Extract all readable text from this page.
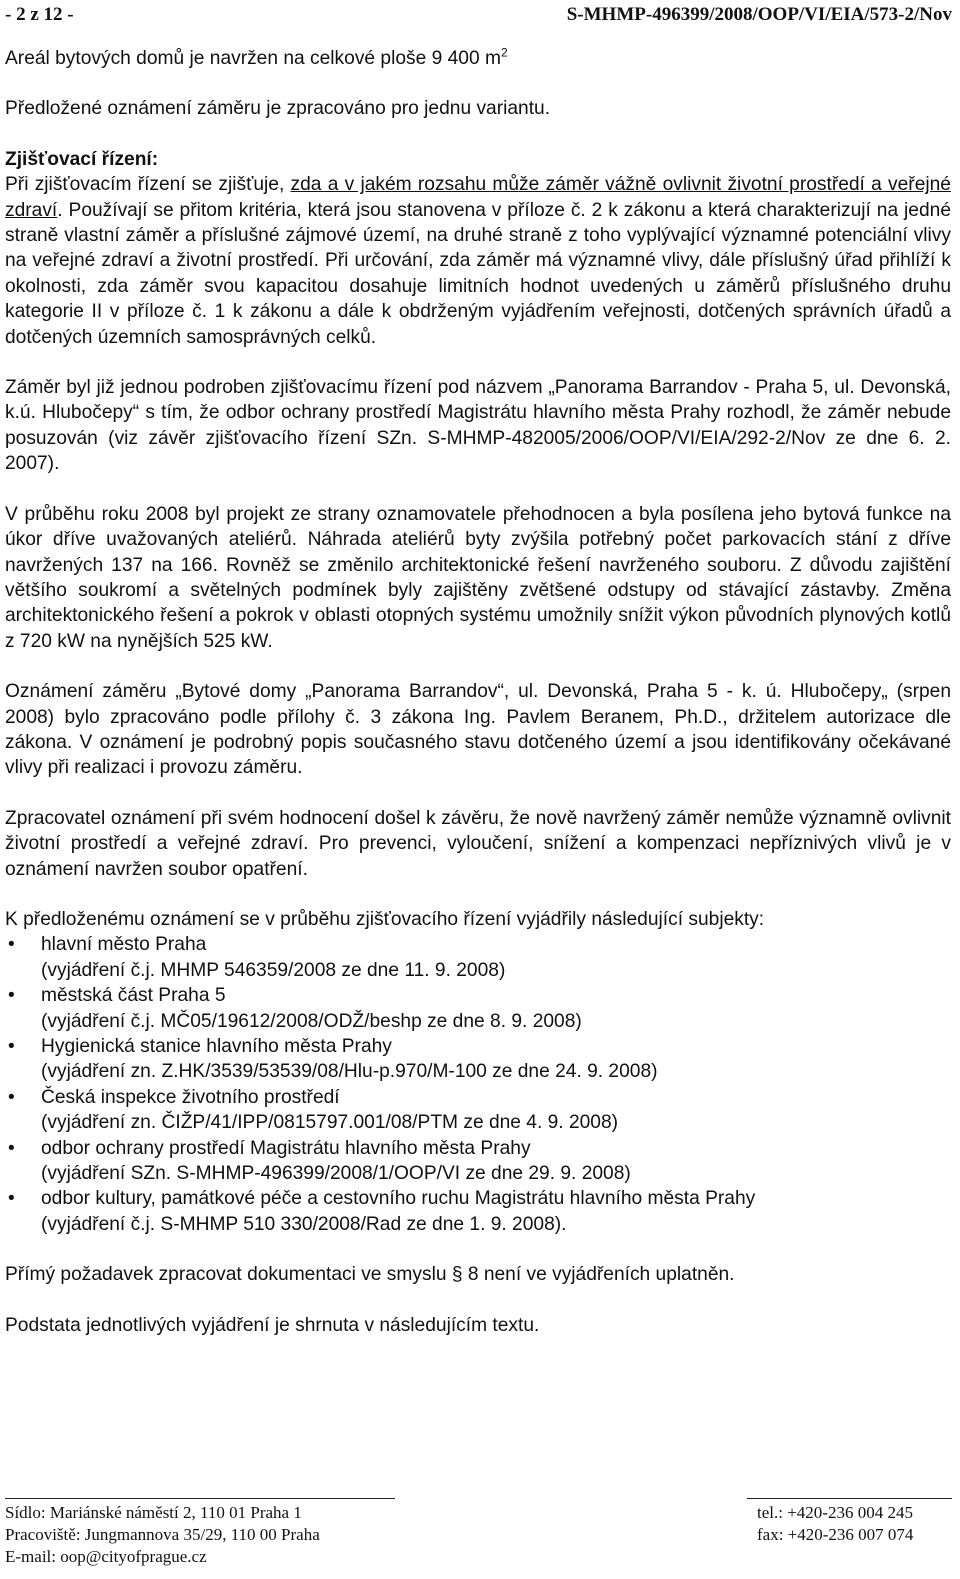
- 2 z 12 -	S-MHMP-496399/2008/OOP/VI/EIA/573-2/Nov

Areál bytových domů je navržen na celkové ploše 9 400 $m^2$

Předložené oznámení záměru je zpracováno pro jednu variantu.

Zjišťovací řízení:

Při zjišťovacím řízení se zjišťuje, zda a v jakém rozsahu může záměr vážně ovlivnit životní prostředí a veřejné zdraví. Používají se přitom kritéria, která jsou stanovena v příloze č. 2 k zákonu a která charakterizují na jedné straně vlastní záměr a příslušné zájmové území, na druhé straně z toho vyplývající významné potenciální vlivy na veřejné zdraví a životní prostředí. Při určování, zda záměr má významné vlivy, dále příslušný úřad přihlíží k okolnosti, zda záměr svou kapacitou dosahuje limitních hodnot uvedených u záměrů příslušného druhu kategorie II v příloze č. 1 k zákonu a dále k obdrženým vyjádřením veřejnosti, dotčených správních úřadů a dotčených územních samosprávných celků.

Záměr byl již jednou podroben zjišťovacímu řízení pod názvem „Panorama Barrandov - Praha 5, ul. Devonská, k.ú. Hlubočepy“ s tím, že odbor ochrany prostředí Magistrátu hlavního města Prahy rozhodl, že záměr nebude posuzován (viz závěr zjišťovacího řízení SZn. S-MHMP-482005/2006/OOP/VI/EIA/292-2/Nov ze dne 6. 2. 2007).

V průběhu roku 2008 byl projekt ze strany oznamovatele přehodnocen a byla posílena jeho bytová funkce na úkor dříve uvažovaných ateliérů. Náhrada ateliérů byty zvýšila potřebný počet parkovacích stání z dříve navržených 137 na 166. Rovněž se změnilo architektonické řešení navrženého souboru. Z důvodu zajištění většího soukromí a světelných podmínek byly zajištěny zvětšené odstupy od stávající zástavby. Změna architektonického řešení a pokrok v oblasti otopných systému umožnily snížit výkon původních plynových kotlů z 720 kW na nynějších 525 kW.

Oznámení záměru „Bytové domy „Panorama Barrandov“, ul. Devonská, Praha 5 - k. ú. Hlubočepy„ (srpen 2008) bylo zpracováno podle přílohy č. 3 zákona Ing. Pavlem Beranem, Ph.D., držitelem autorizace dle zákona. V oznámení je podrobný popis současného stavu dotčeného území a jsou identifikovány očekávané vlivy při realizaci i provozu záměru.

Zpracovatel oznámení při svém hodnocení došel k závěru, že nově navržený záměr nemůže významně ovlivnit životní prostředí a veřejné zdraví. Pro prevenci, vyloučení, snížení a kompenzaci nepříznivých vlivů je v oznámení navržen soubor opatření.

K předloženému oznámení se v průběhu zjišťovacího řízení vyjádřily následující subjekty:

• hlavní město Praha
(vyjádření č.j. MHMP 546359/2008 ze dne 11. 9. 2008)
• městská část Praha 5
(vyjádření č.j. MČ05/19612/2008/ODŽ/beshp ze dne 8. 9. 2008)
• Hygienická stanice hlavního města Prahy
(vyjádření zn. Z.HK/3539/53539/08/Hlu-p.970/M-100 ze dne 24. 9. 2008)
• Česká inspekce životního prostředí
(vyjádření zn. ČIŽP/41/IPP/0815797.001/08/PTM ze dne 4. 9. 2008)
• odbor ochrany prostředí Magistrátu hlavního města Prahy
(vyjádření SZn. S-MHMP-496399/2008/1/OOP/VI ze dne 29. 9. 2008)
• odbor kultury, památkové péče a cestovního ruchu Magistrátu hlavního města Prahy
(vyjádření č.j. S-MHMP 510 330/2008/Rad ze dne 1. 9. 2008).

Přímý požadavek zpracovat dokumentaci ve smyslu § 8 není ve vyjádřeních uplatněn.

Podstata jednotlivých vyjádření je shrnuta v následujícím textu.

Sídlo: Mariánské náměstí 2, 110 01 Praha 1
Pracoviště: Jungmannova 35/29, 110 00 Praha
E-mail: oop@cityofprague.cz
tel.: +420-236 004 245
fax: +420-236 007 074
